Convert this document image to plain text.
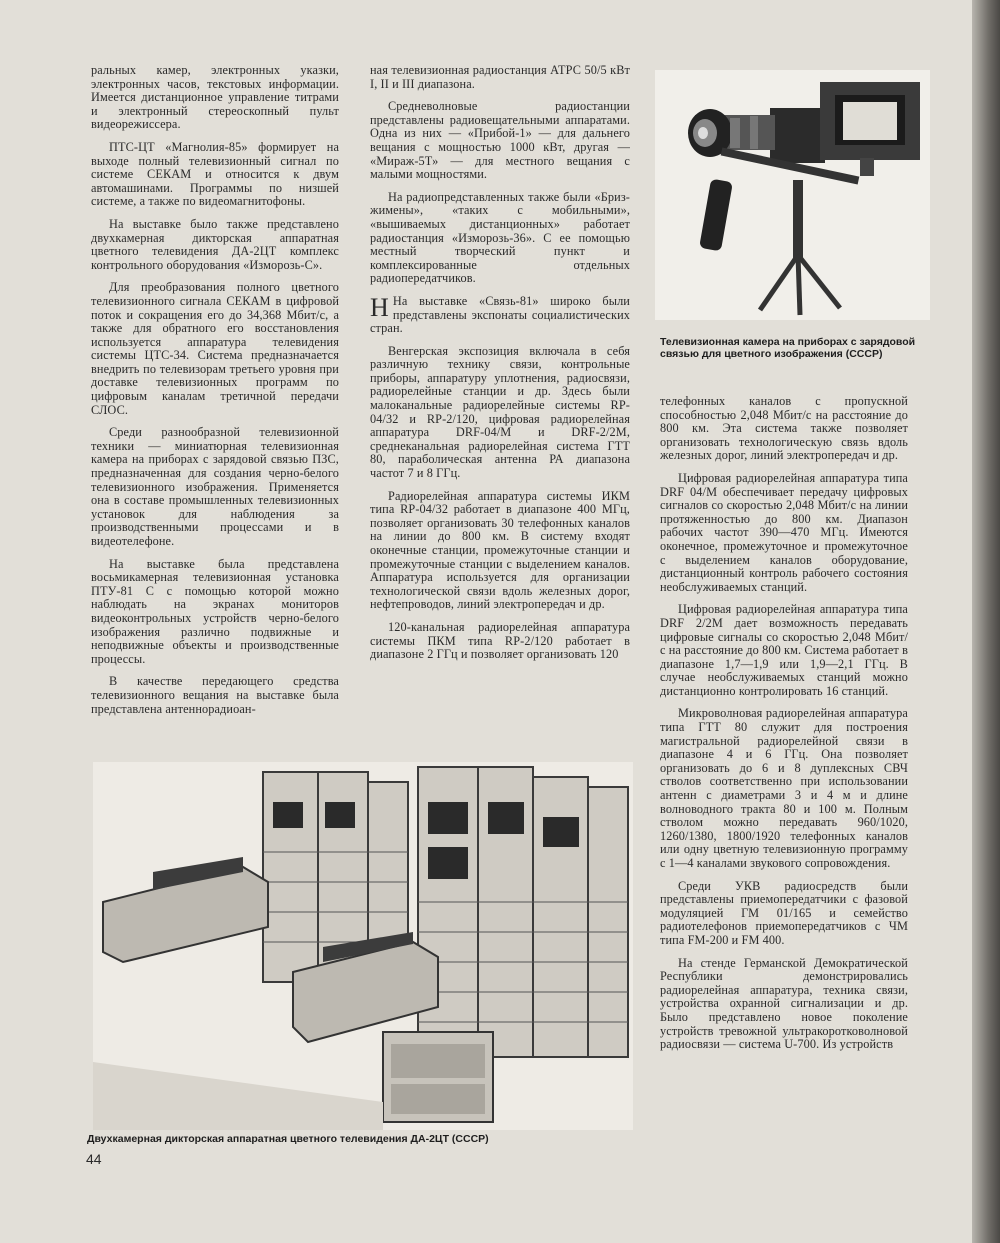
ральных камер, электронных указки, электронных часов, текстовых информации. Имеется дистанционное управление титрами и электронный стереоскопный пульт видеорежиссера.

ПТС-ЦТ «Магнолия-85» формирует на выходе полный телевизионный сигнал по системе СЕКАМ и относится к двум автомашинами. Программы по низшей системе, а также по видеомагнитофоны.

На выставке было также представлено двухкамерная дикторская аппаратная цветного телевидения ДА-2ЦТ комплекс контрольного оборудования «Изморозь-С».

Для преобразования полного цветного телевизионного сигнала СЕКАМ в цифровой поток и сокращения его до 34,368 Мбит/с, а также для обратного его восстановления используется аппаратура телевидения системы ЦТС-34. Система предназначается внедрить по телевизорам третьего уровня при доставке телевизионных программ по цифровым каналам третичной передачи СЛОС.

Среди разнообразной телевизионной техники — миниатюрная телевизионная камера на приборах с зарядовой связью ПЗС, предназначенная для создания черно-белого телевизионного изображения. Применяется она в составе промышленных телевизионных установок для наблюдения за производственными процессами и в видеотелефоне.

На выставке была представлена восьмикамерная телевизионная установка ПТУ-81 С с помощью которой можно наблюдать на экранах мониторов видеоконтрольных устройств черно-белого изображения различно подвижные и неподвижные объекты и производственные процессы.

В качестве передающего средства телевизионного вещания на выставке была представлена антеннорадиоан-

ная телевизионная радиостанция АТРС 50/5 кВт I, II и III диапазона.

Средневолновые радиостанции представлены радиовещательными аппаратами. Одна из них — «Прибой-1» — для дальнего вещания с мощностью 1000 кВт, другая — «Мираж-5Т» — для местного вещания с малыми мощностями.

На радиопредставленных также были «Бриз-жимены», «таких с мобильными», «вышиваемых дистанционных» работает радиостанция «Изморозь-36». С ее помощью местный творческий пункт и комплексированные отдельных радиопередатчиков.

Н На выставке «Связь-81» широко были представлены экспонаты социалистических стран.

Венгерская экспозиция включала в себя различную технику связи, контрольные приборы, аппаратуру уплотнения, радиосвязи, радиорелейные станции и др. Здесь были малоканальные радиорелейные системы RP-04/32 и RP-2/120, цифровая радиорелейная аппаратура DRF-04/M и DRF-2/2M, среднеканальная радиорелейная система ГТТ 80, параболическая антенна РА диапазона частот 7 и 8 ГГц.

Радиорелейная аппаратура системы ИКМ типа RP-04/32 работает в диапазоне 400 МГц, позволяет организовать 30 телефонных каналов на линии до 800 км. В систему входят оконечные станции, промежуточные станции и промежуточные станции с выделением каналов. Аппаратура используется для организации технологической связи вдоль железных дорог, нефтепроводов, линий электропередач и др.

120-канальная радиорелейная аппаратура системы ПКМ типа RP-2/120 работает в диапазоне 2 ГГц и позволяет организовать 120

Телевизионная камера на приборах с зарядовой связью для цветного изображения (СССР)

телефонных каналов с пропускной способностью 2,048 Мбит/с на расстояние до 800 км. Эта система также позволяет организовать технологическую связь вдоль железных дорог, линий электропередач и др.

Цифровая радиорелейная аппаратура типа DRF 04/M обеспечивает передачу цифровых сигналов со скоростью 2,048 Мбит/с на линии протяженностью до 800 км. Диапазон рабочих частот 390—470 МГц. Имеются оконечное, промежуточное и промежуточное с выделением каналов оборудование, дистанционный контроль рабочего состояния необслуживаемых станций.

Цифровая радиорелейная аппаратура типа DRF 2/2M дает возможность передавать цифровые сигналы со скоростью 2,048 Мбит/с на расстояние до 800 км. Система работает в диапазоне 1,7—1,9 или 1,9—2,1 ГГц. В случае необслуживаемых станций можно дистанционно контролировать 16 станций.

Микроволновая радиорелейная аппаратура типа ГТТ 80 служит для построения магистральной радиорелейной связи в диапазоне 4 и 6 ГГц. Она позволяет организовать до 6 и 8 дуплексных СВЧ стволов соответственно при использовании антенн с диаметрами 3 и 4 м и длине волноводного тракта 80 и 100 м. Полным стволом можно передавать 960/1020, 1260/1380, 1800/1920 телефонных каналов или одну цветную телевизионную программу с 1—4 каналами звукового сопровождения.

Среди УКВ радиосредств были представлены приемопередатчики с фазовой модуляцией ГМ 01/165 и семейство радиотелефонов приемопередатчиков с ЧМ типа FM-200 и FM 400.

На стенде Германской Демократической Республики демонстрировались радиорелейная аппаратура, техника связи, устройства охранной сигнализации и др. Было представлено новое поколение устройств тревожной ультракоротковолновой радиосвязи — система U-700. Из устройств

Двухкамерная дикторская аппаратная цветного телевидения ДА-2ЦТ (СССР)
44
